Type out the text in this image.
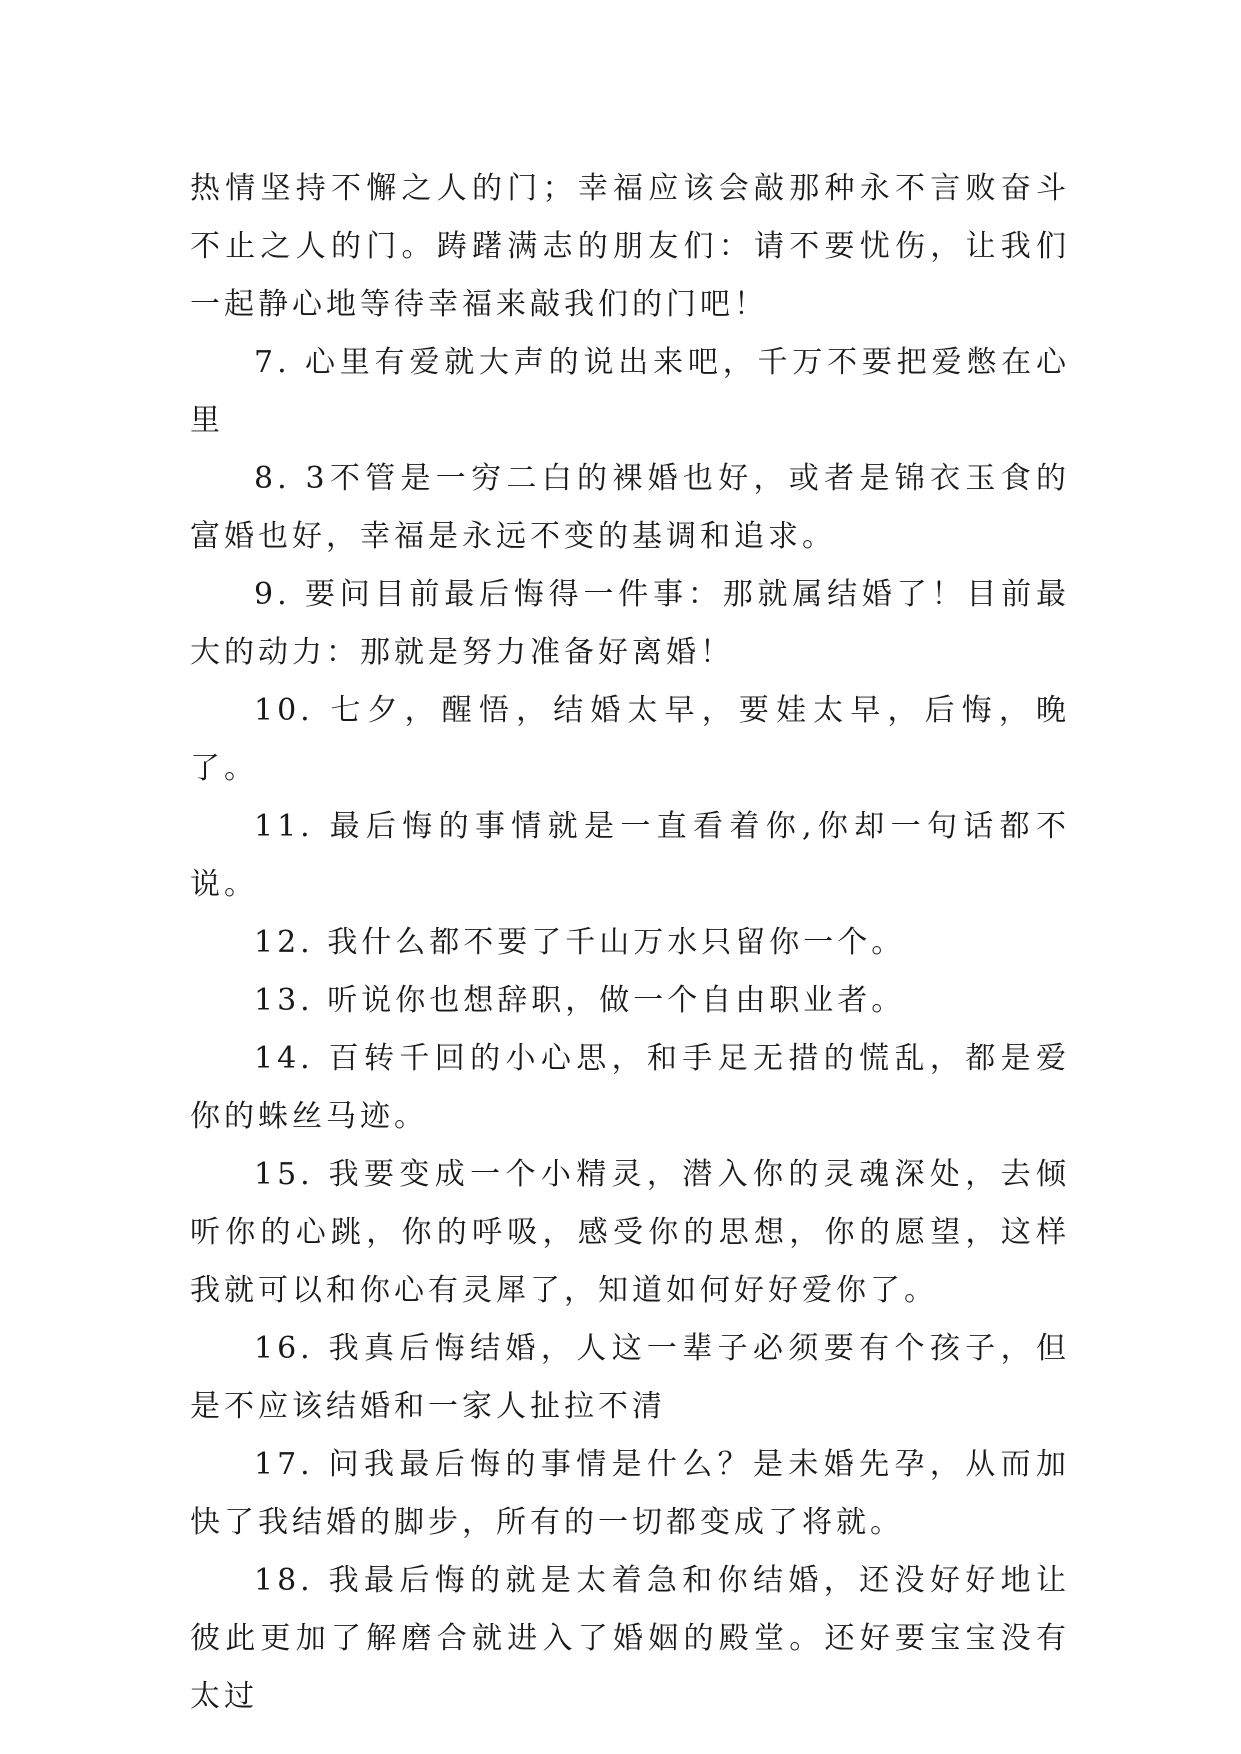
热情坚持不懈之人的门；幸福应该会敲那种永不言败奋斗不止之人的门。踌躇满志的朋友们：请不要忧伤，让我们一起静心地等待幸福来敲我们的门吧！

7. 心里有爱就大声的说出来吧，千万不要把爱憋在心里

8. 3不管是一穷二白的裸婚也好，或者是锦衣玉食的富婚也好，幸福是永远不变的基调和追求。

9. 要问目前最后悔得一件事：那就属结婚了！目前最大的动力：那就是努力准备好离婚！

10. 七夕，醒悟，结婚太早，要娃太早，后悔，晚了。

11. 最后悔的事情就是一直看着你,你却一句话都不说。

12. 我什么都不要了千山万水只留你一个。

13. 听说你也想辞职，做一个自由职业者。

14. 百转千回的小心思，和手足无措的慌乱，都是爱你的蛛丝马迹。

15. 我要变成一个小精灵，潜入你的灵魂深处，去倾听你的心跳，你的呼吸，感受你的思想，你的愿望，这样我就可以和你心有灵犀了，知道如何好好爱你了。

16. 我真后悔结婚，人这一辈子必须要有个孩子，但是不应该结婚和一家人扯拉不清

17. 问我最后悔的事情是什么？是未婚先孕，从而加快了我结婚的脚步，所有的一切都变成了将就。

18. 我最后悔的就是太着急和你结婚，还没好好地让彼此更加了解磨合就进入了婚姻的殿堂。还好要宝宝没有太过
